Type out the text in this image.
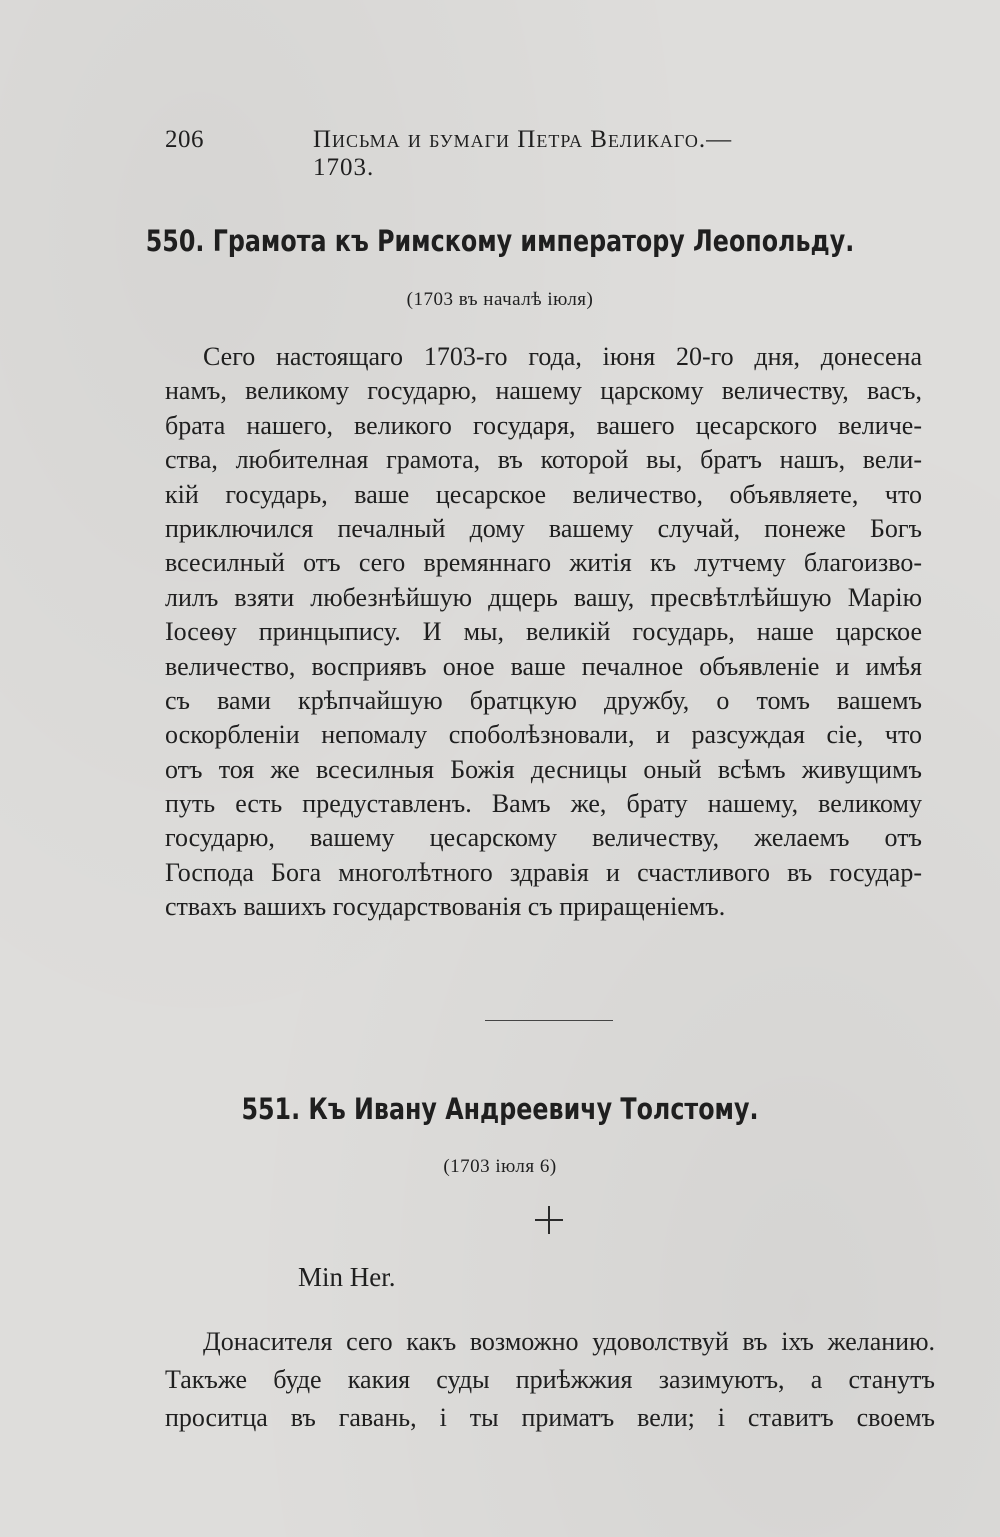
206	Письма и бумаги Петра Великаго.—1703.
550. Грамота къ Римскому императору Леопольду.
(1703 въ началѣ іюля)
Сего настоящаго 1703-го года, іюня 20-го дня, донесена
намъ, великому государю, нашему царскому величеству, васъ,
брата нашего, великого государя, вашего цесарского величе-
ства, любителная грамота, въ которой вы, братъ нашъ, вели-
кій государь, ваше цесарское величество, объявляете, что
приключился печалный дому вашему случай, понеже Богъ
всесилный отъ сего времяннаго житія къ лутчему благоизво-
лилъ взяти любезнѣйшую дщерь вашу, пресвѣтлѣйшую Марію
Іосеѳу принцыпису. И мы, великій государь, наше царское
величество, восприявъ оное ваше печалное объявленіе и имѣя
съ вами крѣпчайшую братцкую дружбу, о томъ вашемъ
оскорбленіи непомалу споболѣзновали, и разсуждая сіе, что
отъ тоя же всесилныя Божія десницы оный всѣмъ живущимъ
путь есть предуставленъ. Вамъ же, брату нашему, великому
государю, вашему цесарскому величеству, желаемъ отъ
Господа Бога многолѣтного здравія и счастливого въ государ-
ствахъ вашихъ государствованія съ приращеніемъ.
551. Къ Ивану Андреевичу Толстому.
(1703 іюля 6)
Min Her.
Донасителя сего какъ возможно удоволствуй въ іхъ желанию.
Такъже буде какия суды приѣжжия зазимуютъ, а станутъ
проситца въ гавань, і ты приматъ вели; і ставитъ своемъ
